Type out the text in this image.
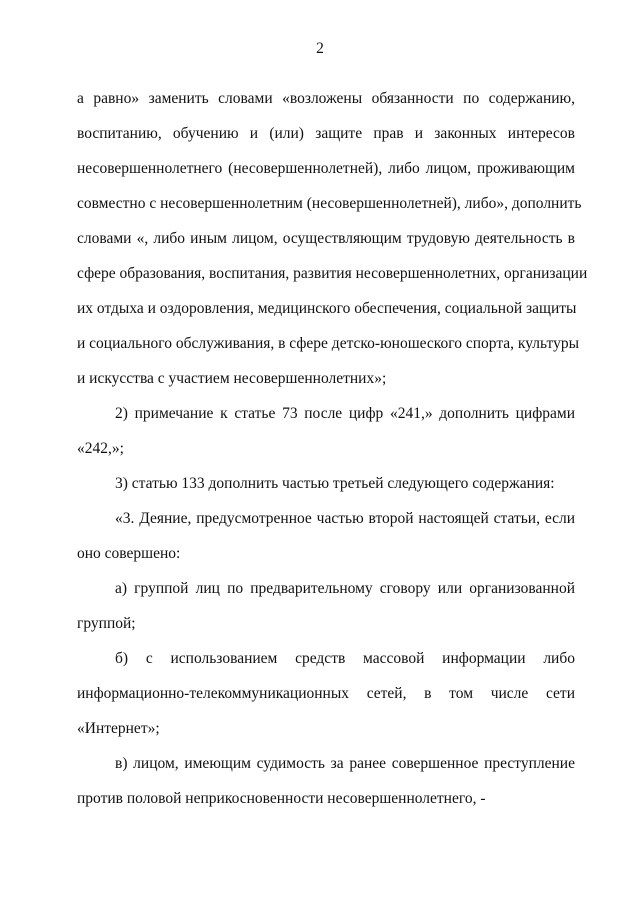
2
а равно» заменить словами «возложены обязанности по содержанию,
воспитанию, обучению и (или) защите прав и законных интересов
несовершеннолетнего (несовершеннолетней), либо лицом, проживающим
совместно с несовершеннолетним (несовершеннолетней), либо», дополнить
словами «, либо иным лицом, осуществляющим трудовую деятельность в
сфере образования, воспитания, развития несовершеннолетних, организации
их отдыха и оздоровления, медицинского обеспечения, социальной защиты
и социального обслуживания, в сфере детско-юношеского спорта, культуры
и искусства с участием несовершеннолетних»;
2) примечание к статье 73 после цифр «241,» дополнить цифрами
«242,»;
3) статью 133 дополнить частью третьей следующего содержания:
«3. Деяние, предусмотренное частью второй настоящей статьи, если
оно совершено:
а) группой лиц по предварительному сговору или организованной
группой;
б) с использованием средств массовой информации либо
информационно-телекоммуникационных сетей, в том числе сети
«Интернет»;
в) лицом, имеющим судимость за ранее совершенное преступление
против половой неприкосновенности несовершеннолетнего, -
